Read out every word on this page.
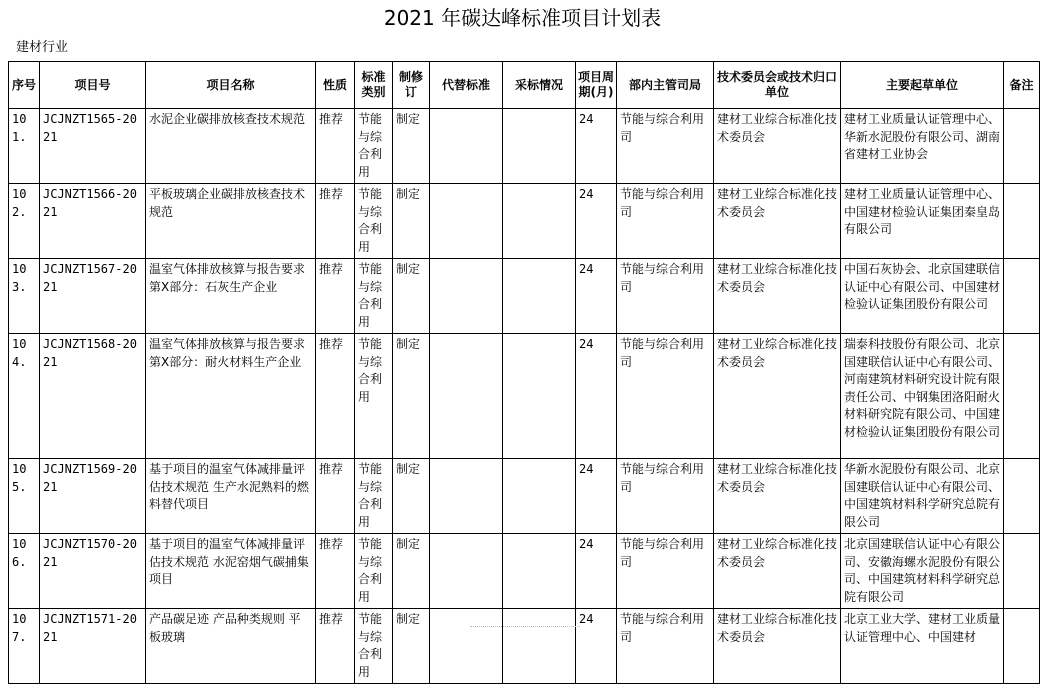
2021 年碳达峰标准项目计划表
建材行业
序号	项目号	项目名称	性质	标准类别	制修订	代替标准	采标情况	项目周期(月)	部内主管司局	技术委员会或技术归口单位	主要起草单位	备注
101.	JCJNZT1565-2021	水泥企业碳排放核查技术规范	推荐	节能与综合利用	制定			24	节能与综合利用司	建材工业综合标准化技术委员会	建材工业质量认证管理中心、华新水泥股份有限公司、湖南省建材工业协会	
102.	JCJNZT1566-2021	平板玻璃企业碳排放核查技术规范	推荐	节能与综合利用	制定			24	节能与综合利用司	建材工业综合标准化技术委员会	建材工业质量认证管理中心、中国建材检验认证集团秦皇岛有限公司	
103.	JCJNZT1567-2021	温室气体排放核算与报告要求 第X部分：石灰生产企业	推荐	节能与综合利用	制定			24	节能与综合利用司	建材工业综合标准化技术委员会	中国石灰协会、北京国建联信认证中心有限公司、中国建材检验认证集团股份有限公司	
104.	JCJNZT1568-2021	温室气体排放核算与报告要求 第X部分：耐火材料生产企业	推荐	节能与综合利用	制定			24	节能与综合利用司	建材工业综合标准化技术委员会	瑞泰科技股份有限公司、北京国建联信认证中心有限公司、河南建筑材料研究设计院有限责任公司、中钢集团洛阳耐火材料研究院有限公司、中国建材检验认证集团股份有限公司	
105.	JCJNZT1569-2021	基于项目的温室气体减排量评估技术规范 生产水泥熟料的燃料替代项目	推荐	节能与综合利用	制定			24	节能与综合利用司	建材工业综合标准化技术委员会	华新水泥股份有限公司、北京国建联信认证中心有限公司、中国建筑材料科学研究总院有限公司	
106.	JCJNZT1570-2021	基于项目的温室气体减排量评估技术规范 水泥窑烟气碳捕集项目	推荐	节能与综合利用	制定			24	节能与综合利用司	建材工业综合标准化技术委员会	北京国建联信认证中心有限公司、安徽海螺水泥股份有限公司、中国建筑材料科学研究总院有限公司	
107.	JCJNZT1571-2021	产品碳足迹 产品种类规则 平板玻璃	推荐	节能与综合利用	制定			24	节能与综合利用司	建材工业综合标准化技术委员会	北京工业大学、建材工业质量认证管理中心、中国建材	
